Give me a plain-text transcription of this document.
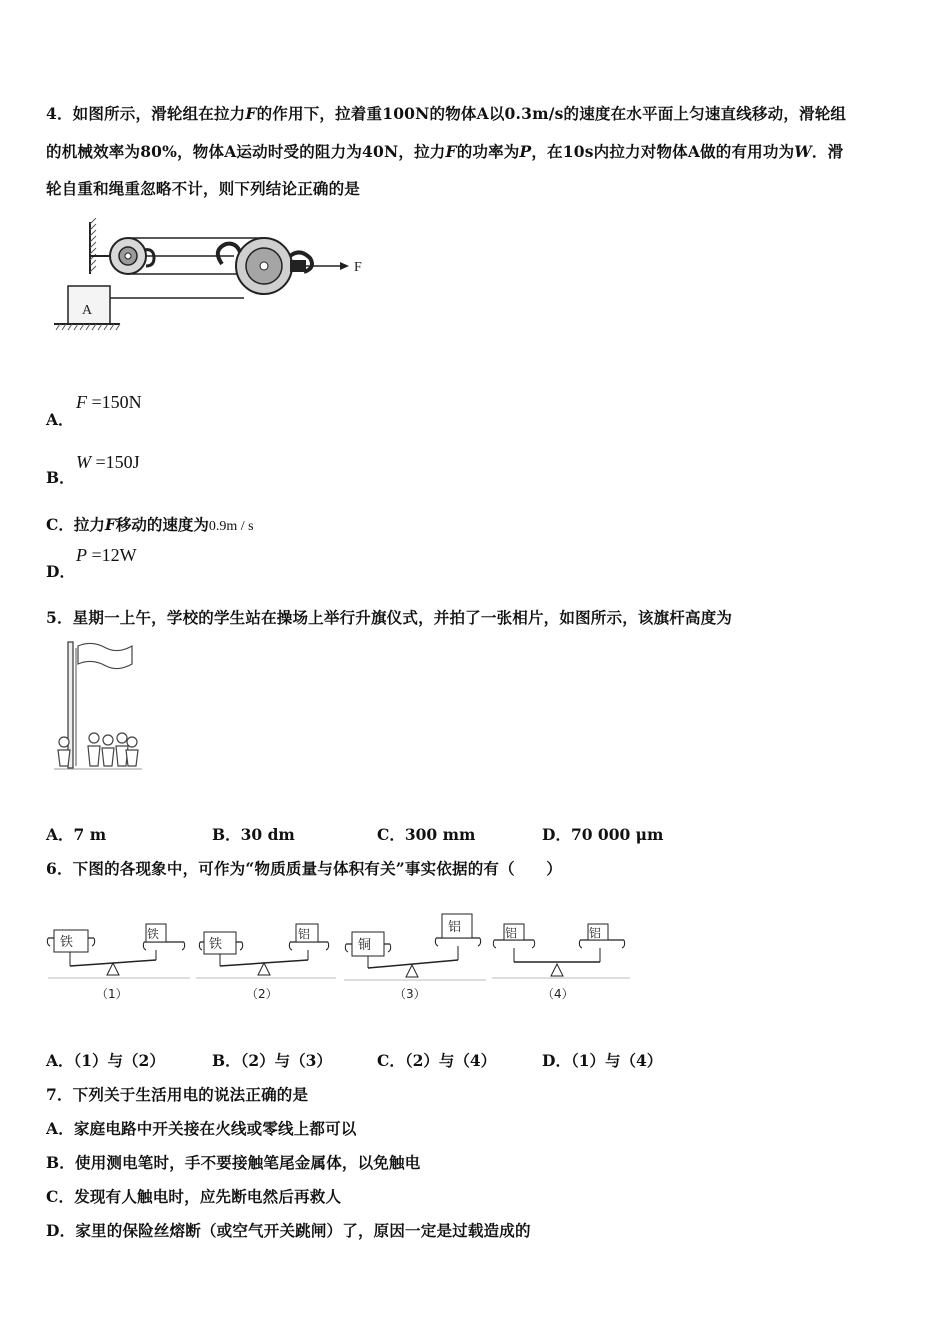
4．如图所示，滑轮组在拉力F的作用下，拉着重100N的物体A以0.3m/s的速度在水平面上匀速直线移动，滑轮组
的机械效率为80%，物体A运动时受的阻力为40N，拉力F的功率为P，在10s内拉力对物体A做的有用功为W．滑
轮自重和绳重忽略不计，则下列结论正确的是
F
A
F =150N
A．
W =150J
B．
C．拉力F移动的速度为0.9m / s
P =12W
D．
5．星期一上午，学校的学生站在操场上举行升旗仪式，并拍了一张相片，如图所示，该旗杆高度为
A．7 m	B．30 dm	C．300 mm	D．70 000 μm
6．下图的各现象中，可作为“物质质量与体积有关”事实依据的有（　　）
铁
铁
（1）
铁
铝
（2）
铜
铝
（3）
铝	铝
（4）
A．（1）与（2）	B．（2）与（3）	C．（2）与（4）	D．（1）与（4）
7．下列关于生活用电的说法正确的是
A．家庭电路中开关接在火线或零线上都可以
B．使用测电笔时，手不要接触笔尾金属体，以免触电
C．发现有人触电时，应先断电然后再救人
D．家里的保险丝熔断（或空气开关跳闸）了，原因一定是过载造成的
